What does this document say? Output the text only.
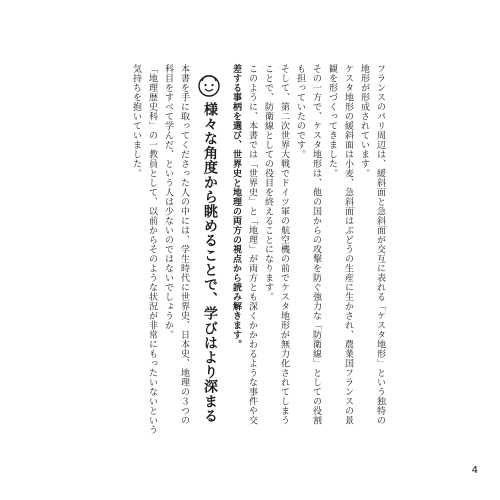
フランスのパリ周辺は、緩斜面と急斜面が交互に表れる「ケスタ地形」という独特の
地形が形成されています。
ケスタ地形の緩斜面は小麦、急斜面はぶどうの生産に生かされ、農業国フランスの景
観を形づくってきました。
その一方で、ケスタ地形は、他の国からの攻撃を防ぐ強力な「防衛線」としての役割
も担っていたのです。
そして、第二次世界大戦でドイツ軍の航空機の前でケスタ地形が無力化されてしまう
ことで、防衛線としての役目を終えることになります。
このように、本書では「世界史」と「地理」が両方とも深くかかわるような事件や交
差する事柄を選び、世界史と地理の両方の視点から読み解きます。
様々な角度から眺めることで、学びはより深まる
本書を手に取ってくださった人の中には、学生時代に世界史、日本史、地理の３つの
科目をすべて学んだ、という人は少ないのではないでしょうか。
「地理歴史科」の一教員として、以前からそのような状況が非常にもったいないという
気持ちを抱いていました。
4
